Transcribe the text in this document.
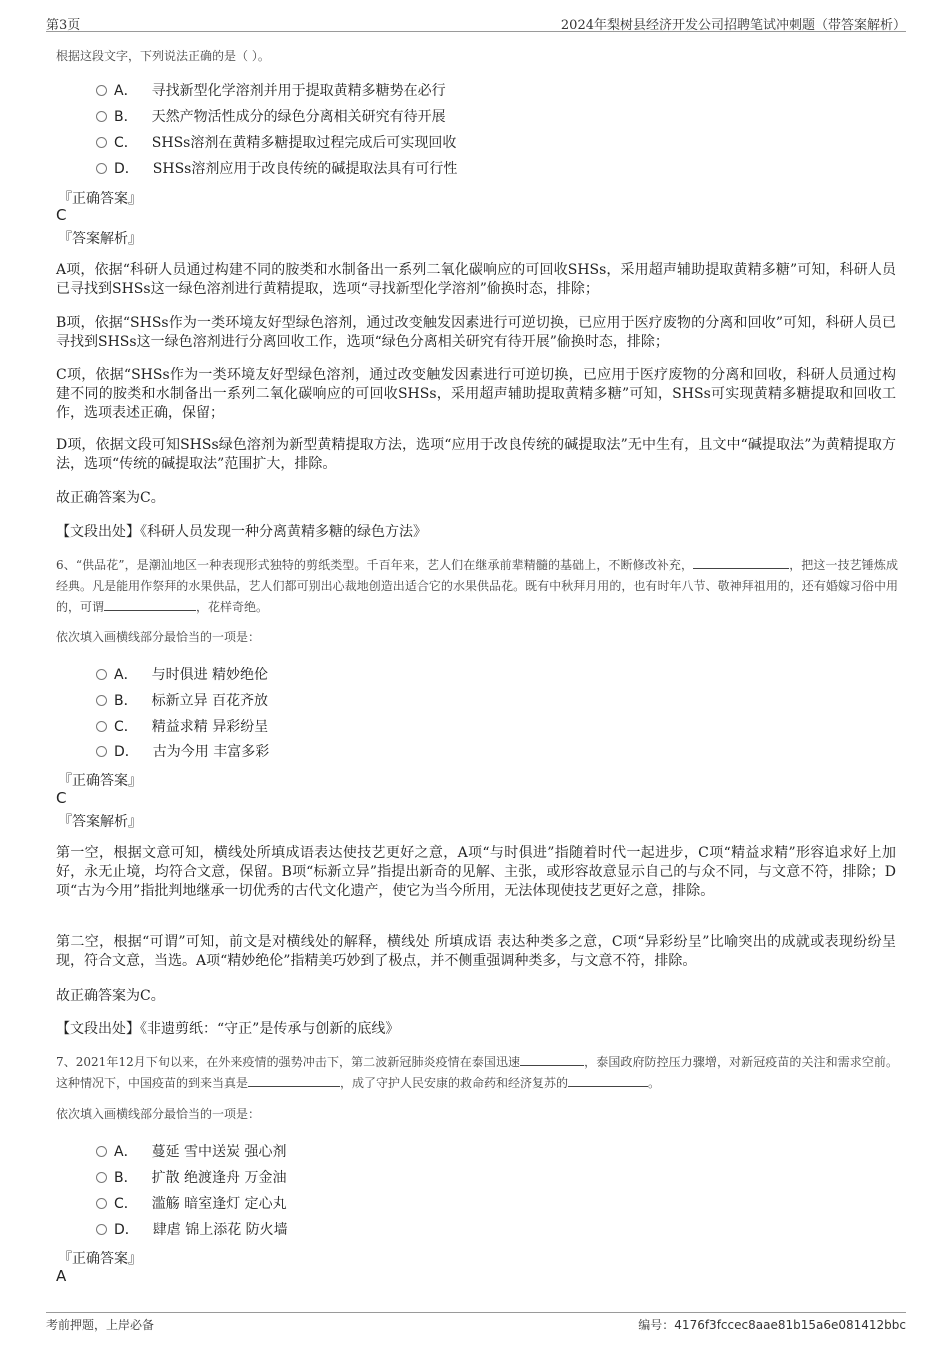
第3页	2024年梨树县经济开发公司招聘笔试冲刺题（带答案解析）
根据这段文字，下列说法正确的是（ ）。
A． 寻找新型化学溶剂并用于提取黄精多糖势在必行
B． 天然产物活性成分的绿色分离相关研究有待开展
C． SHSs溶剂在黄精多糖提取过程完成后可实现回收
D． SHSs溶剂应用于改良传统的碱提取法具有可行性
『正确答案』
C
『答案解析』

A项，依据“科研人员通过构建不同的胺类和水制备出一系列二氧化碳响应的可回收SHSs，采用超声辅助提取黄精多糖”可知，科研人员已寻找到SHSs这一绿色溶剂进行黄精提取，选项“寻找新型化学溶剂”偷换时态，排除；

B项，依据“SHSs作为一类环境友好型绿色溶剂，通过改变触发因素进行可逆切换，已应用于医疗废物的分离和回收”可知，科研人员已寻找到SHSs这一绿色溶剂进行分离回收工作，选项“绿色分离相关研究有待开展”偷换时态，排除；

C项，依据“SHSs作为一类环境友好型绿色溶剂，通过改变触发因素进行可逆切换，已应用于医疗废物的分离和回收，科研人员通过构建不同的胺类和水制备出一系列二氧化碳响应的可回收SHSs，采用超声辅助提取黄精多糖”可知，SHSs可实现黄精多糖提取和回收工作，选项表述正确，保留；

D项，依据文段可知SHSs绿色溶剂为新型黄精提取方法，选项“应用于改良传统的碱提取法”无中生有，且文中“碱提取法”为黄精提取方法，选项“传统的碱提取法”范围扩大，排除。

故正确答案为C。
【文段出处】《科研人员发现一种分离黄精多糖的绿色方法》

6、“供品花”，是潮汕地区一种表现形式独特的剪纸类型。千百年来，艺人们在继承前辈精髓的基础上，不断修改补充，	，把这一技艺锤炼成经典。凡是能用作祭拜的水果供品，艺人们都可别出心裁地创造出适合它的水果供品花。既有中秋拜月用的，也有时年八节、敬神拜祖用的，还有婚嫁习俗中用的，可谓	，花样奇绝。

依次填入画横线部分最恰当的一项是：
A． 与时俱进 精妙绝伦
B． 标新立异 百花齐放
C． 精益求精 异彩纷呈
D． 古为今用 丰富多彩
『正确答案』
C
『答案解析』

第一空，根据文意可知，横线处所填成语表达使技艺更好之意，A项“与时俱进”指随着时代一起进步，C项“精益求精”形容追求好上加好，永无止境，均符合文意，保留。B项“标新立异”指提出新奇的见解、主张，或形容故意显示自己的与众不同，与文意不符，排除；D项“古为今用”指批判地继承一切优秀的古代文化遗产，使它为当今所用，无法体现使技艺更好之意，排除。

第二空，根据“可谓”可知，前文是对横线处的解释，横线处 所填成语 表达种类多之意，C项“异彩纷呈”比喻突出的成就或表现纷纷呈现，符合文意，当选。A项“精妙绝伦”指精美巧妙到了极点，并不侧重强调种类多，与文意不符，排除。

故正确答案为C。
【文段出处】《非遗剪纸：“守正”是传承与创新的底线》

7、2021年12月下旬以来，在外来疫情的强势冲击下，第二波新冠肺炎疫情在泰国迅速	，泰国政府防控压力骤增，对新冠疫苗的关注和需求空前。这种情况下，中国疫苗的到来当真是	，成了守护人民安康的救命药和经济复苏的	。

依次填入画横线部分最恰当的一项是：
A． 蔓延 雪中送炭 强心剂
B． 扩散 绝渡逢舟 万金油
C． 滥觞 暗室逢灯 定心丸
D． 肆虐 锦上添花 防火墙
『正确答案』
A
考前押题，上岸必备	编号：4176f3fccec8aae81b15a6e081412bbc
